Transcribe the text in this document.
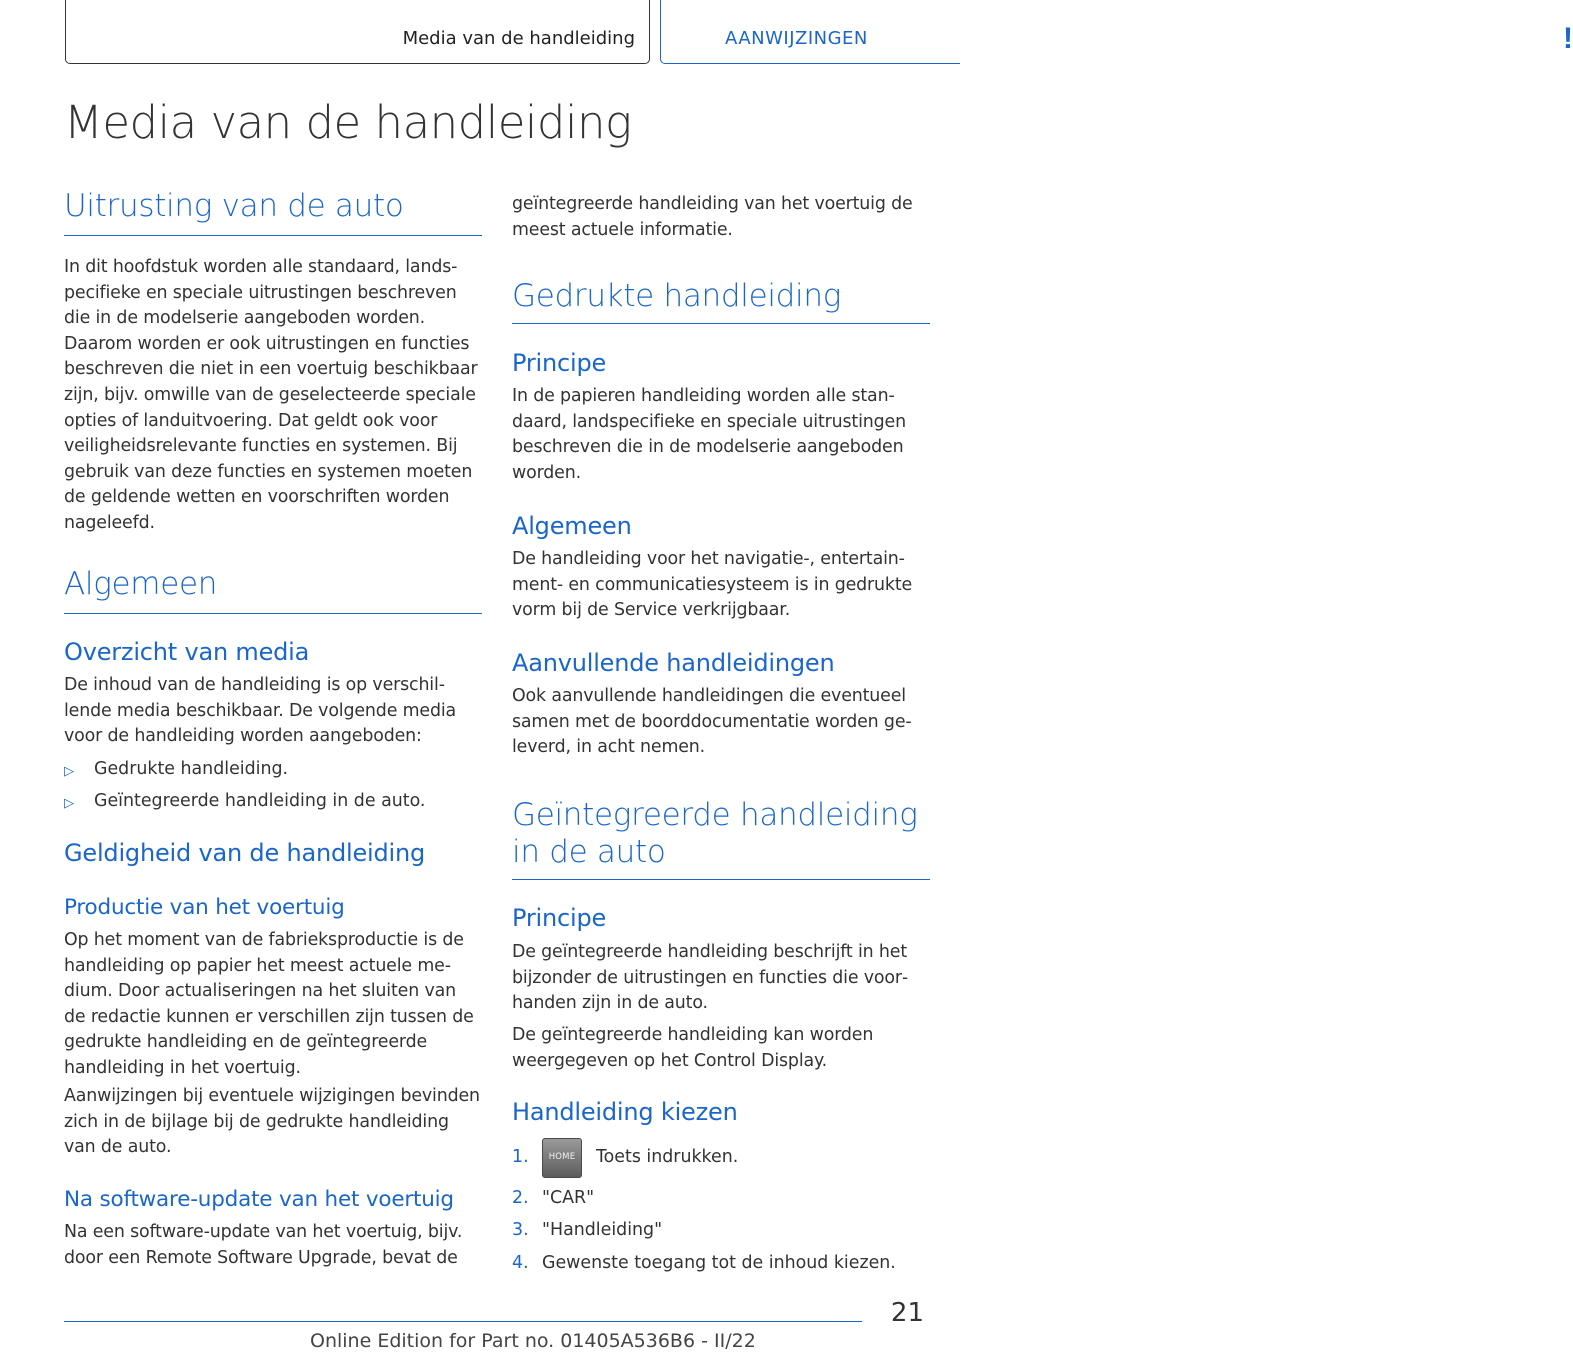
Media van de handleiding	AANWIJZINGEN	!
Media van de handleiding
Uitrusting van de auto
In dit hoofdstuk worden alle standaard, landspecifieke en speciale uitrustingen beschreven die in de modelserie aangeboden worden. Daarom worden er ook uitrustingen en functies beschreven die niet in een voertuig beschikbaar zijn, bijv. omwille van de geselecteerde speciale opties of landuitvoering. Dat geldt ook voor veiligheidsrelevante functies en systemen. Bij gebruik van deze functies en systemen moeten de geldende wetten en voorschriften worden nageleefd.
Algemeen
Overzicht van media
De inhoud van de handleiding is op verschillende media beschikbaar. De volgende media voor de handleiding worden aangeboden:
▷	Gedrukte handleiding.
▷	Geïntegreerde handleiding in de auto.
Geldigheid van de handleiding
Productie van het voertuig
Op het moment van de fabrieksproductie is de handleiding op papier het meest actuele medium. Door actualiseringen na het sluiten van de redactie kunnen er verschillen zijn tussen de gedrukte handleiding en de geïntegreerde handleiding in het voertuig.
Aanwijzingen bij eventuele wijzigingen bevinden zich in de bijlage bij de gedrukte handleiding van de auto.
Na software-update van het voertuig
Na een software-update van het voertuig, bijv. door een Remote Software Upgrade, bevat de
geïntegreerde handleiding van het voertuig de meest actuele informatie.
Gedrukte handleiding
Principe
In de papieren handleiding worden alle standaard, landspecifieke en speciale uitrustingen beschreven die in de modelserie aangeboden worden.
Algemeen
De handleiding voor het navigatie-, entertainment- en communicatiesysteem is in gedrukte vorm bij de Service verkrijgbaar.
Aanvullende handleidingen
Ook aanvullende handleidingen die eventueel samen met de boorddocumentatie worden geleverd, in acht nemen.
Geïntegreerde handleiding
in de auto
Principe
De geïntegreerde handleiding beschrijft in het bijzonder de uitrustingen en functies die voorhanden zijn in de auto.
De geïntegreerde handleiding kan worden weergegeven op het Control Display.
Handleiding kiezen
1.	HOME	Toets indrukken.
2. "CAR"
3. "Handleiding"
4. Gewenste toegang tot de inhoud kiezen.
21
Online Edition for Part no. 01405A536B6 - II/22
